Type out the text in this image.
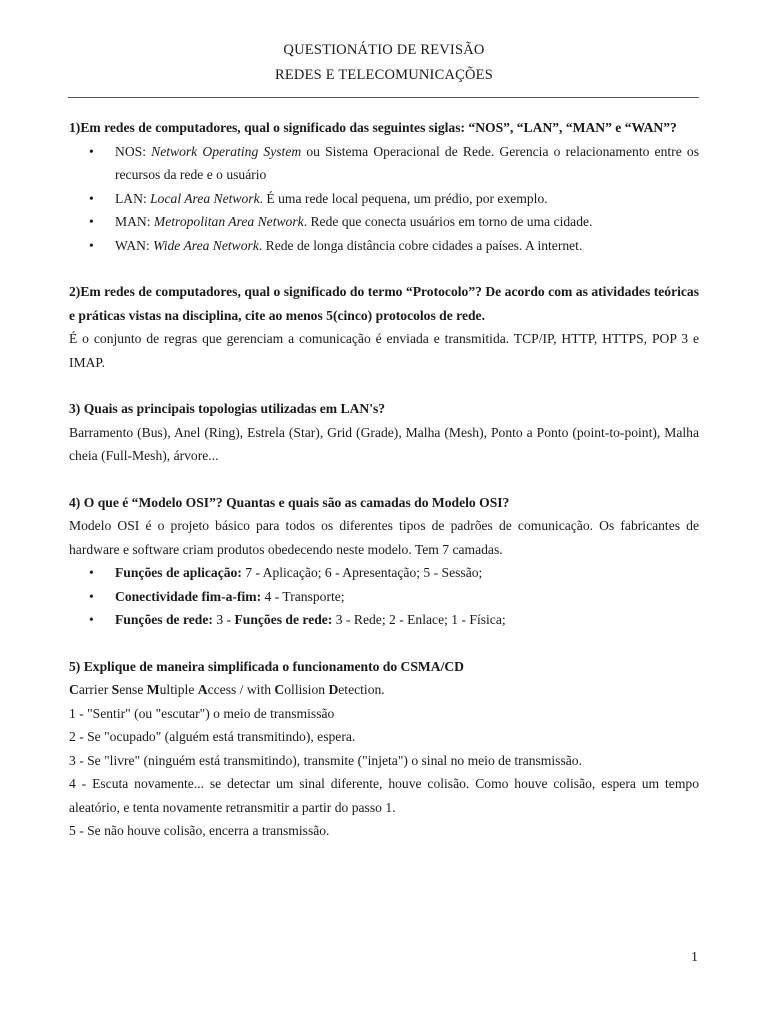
QUESTIONÁTIO DE REVISÃO
REDES E TELECOMUNICAÇÕES

1)Em redes de computadores, qual o significado das seguintes siglas: “NOS”, “LAN”, “MAN” e “WAN”?

• NOS: Network Operating System ou Sistema Operacional de Rede. Gerencia o relacionamento entre os recursos da rede e o usuário
• LAN: Local Area Network. É uma rede local pequena, um prédio, por exemplo.
• MAN: Metropolitan Area Network. Rede que conecta usuários em torno de uma cidade.
• WAN: Wide Area Network. Rede de longa distância cobre cidades a países. A internet.

2)Em redes de computadores, qual o significado do termo “Protocolo”? De acordo com as atividades teóricas e práticas vistas na disciplina, cite ao menos 5(cinco) protocolos de rede.

É o conjunto de regras que gerenciam a comunicação é enviada e transmitida. TCP/IP, HTTP, HTTPS, POP 3 e IMAP.

3) Quais as principais topologias utilizadas em LAN's?

Barramento (Bus), Anel (Ring), Estrela (Star), Grid (Grade), Malha (Mesh), Ponto a Ponto (point-to-point), Malha cheia (Full-Mesh), árvore...

4) O que é “Modelo OSI”? Quantas e quais são as camadas do Modelo OSI?

Modelo OSI é o projeto básico para todos os diferentes tipos de padrões de comunicação. Os fabricantes de hardware e software criam produtos obedecendo neste modelo. Tem 7 camadas.

• Funções de aplicação: 7 - Aplicação; 6 - Apresentação; 5 - Sessão;
• Conectividade fim-a-fim: 4 - Transporte;
• Funções de rede: 3 - Funções de rede: 3 - Rede; 2 - Enlace; 1 - Física;

5) Explique de maneira simplificada o funcionamento do CSMA/CD

Carrier Sense Multiple Access / with Collision Detection.

1 - "Sentir" (ou "escutar") o meio de transmissão

2 - Se "ocupado" (alguém está transmitindo), espera.

3 - Se "livre" (ninguém está transmitindo), transmite ("injeta") o sinal no meio de transmissão.

4 - Escuta novamente... se detectar um sinal diferente, houve colisão. Como houve colisão, espera um tempo aleatório, e tenta novamente retransmitir a partir do passo 1.

5 - Se não houve colisão, encerra a transmissão.

1
